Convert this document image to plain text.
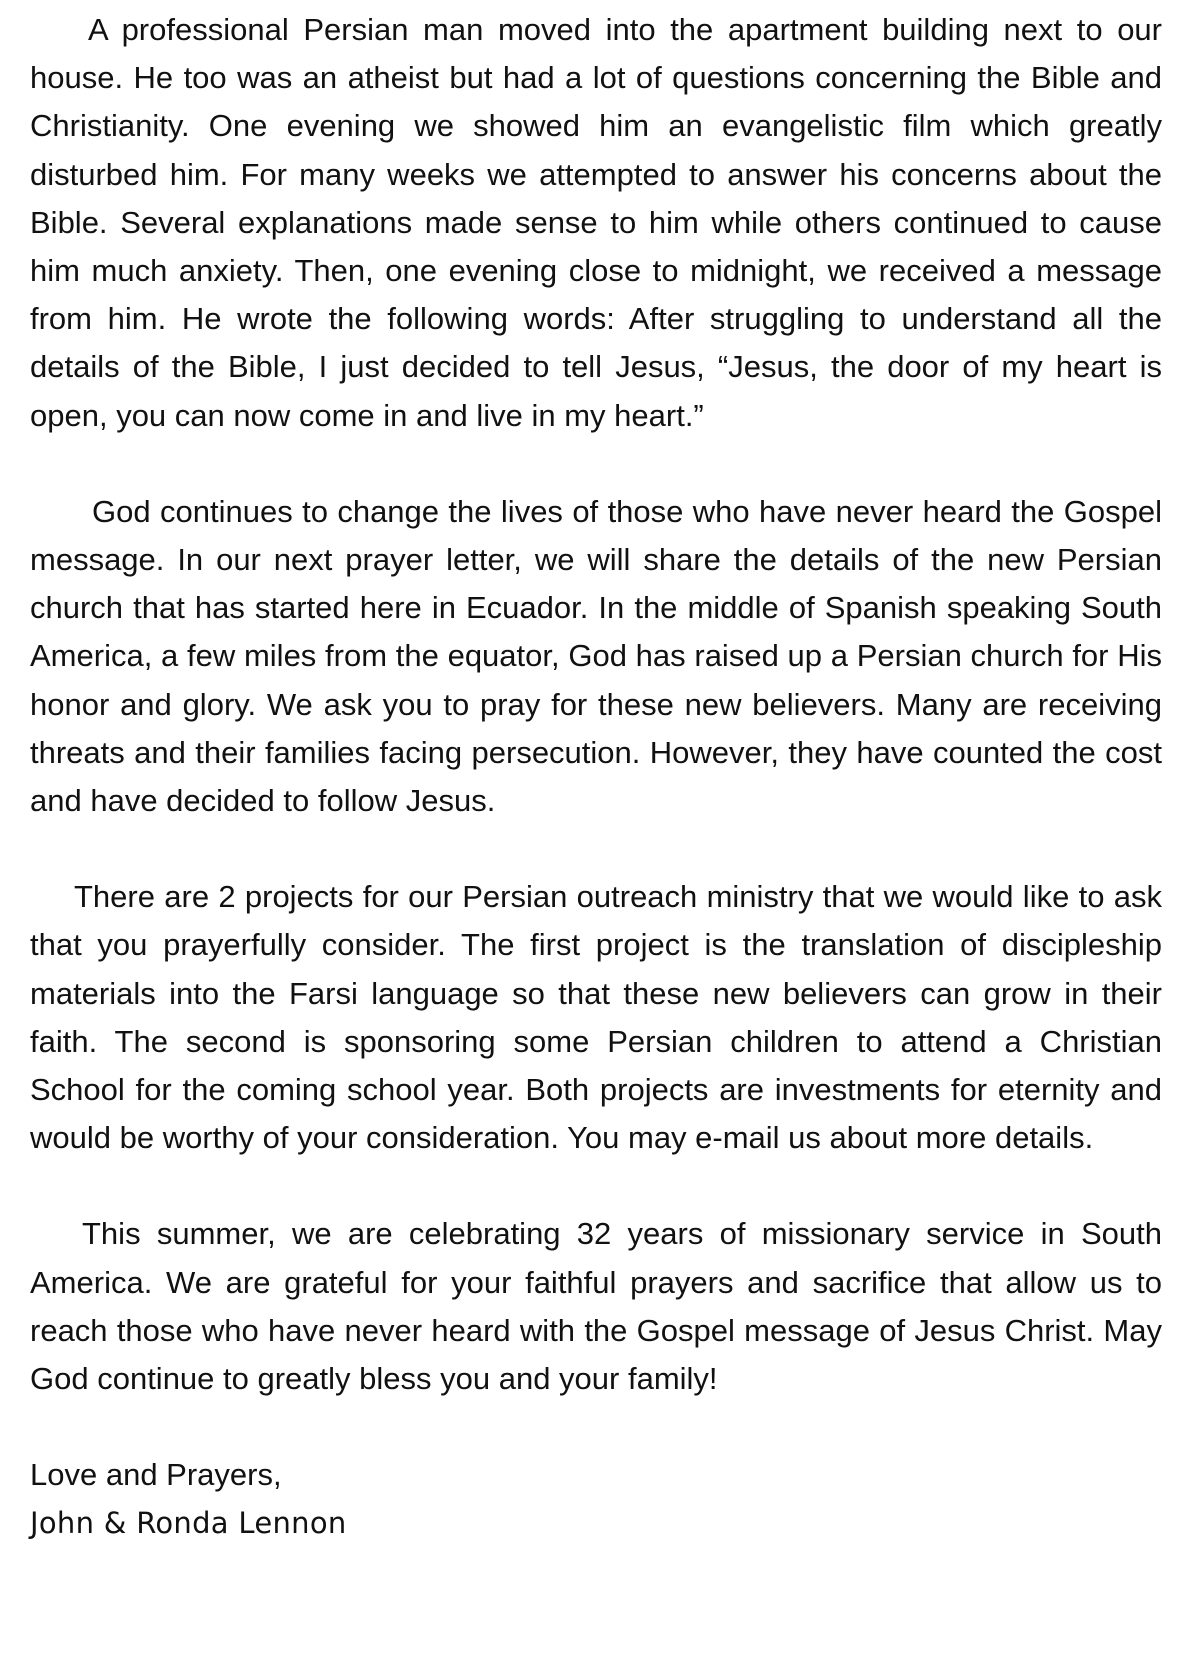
A professional Persian man moved into the apartment building next to our house. He too was an atheist but had a lot of questions concerning the Bible and Christianity. One evening we showed him an evangelistic film which greatly disturbed him. For many weeks we attempted to answer his concerns about the Bible. Several explanations made sense to him while others continued to cause him much anxiety. Then, one evening close to midnight, we received a message from him. He wrote the following words: After struggling to understand all the details of the Bible, I just decided to tell Jesus, “Jesus, the door of my heart is open, you can now come in and live in my heart.”

God continues to change the lives of those who have never heard the Gospel message. In our next prayer letter, we will share the details of the new Persian church that has started here in Ecuador. In the middle of Spanish speaking South America, a few miles from the equator, God has raised up a Persian church for His honor and glory. We ask you to pray for these new believers. Many are receiving threats and their families facing persecution. However, they have counted the cost and have decided to follow Jesus.

There are 2 projects for our Persian outreach ministry that we would like to ask that you prayerfully consider. The first project is the translation of discipleship materials into the Farsi language so that these new believers can grow in their faith. The second is sponsoring some Persian children to attend a Christian School for the coming school year. Both projects are investments for eternity and would be worthy of your consideration. You may e-mail us about more details.

This summer, we are celebrating 32 years of missionary service in South America. We are grateful for your faithful prayers and sacrifice that allow us to reach those who have never heard with the Gospel message of Jesus Christ. May God continue to greatly bless you and your family!

Love and Prayers,

John & Ronda Lennon
